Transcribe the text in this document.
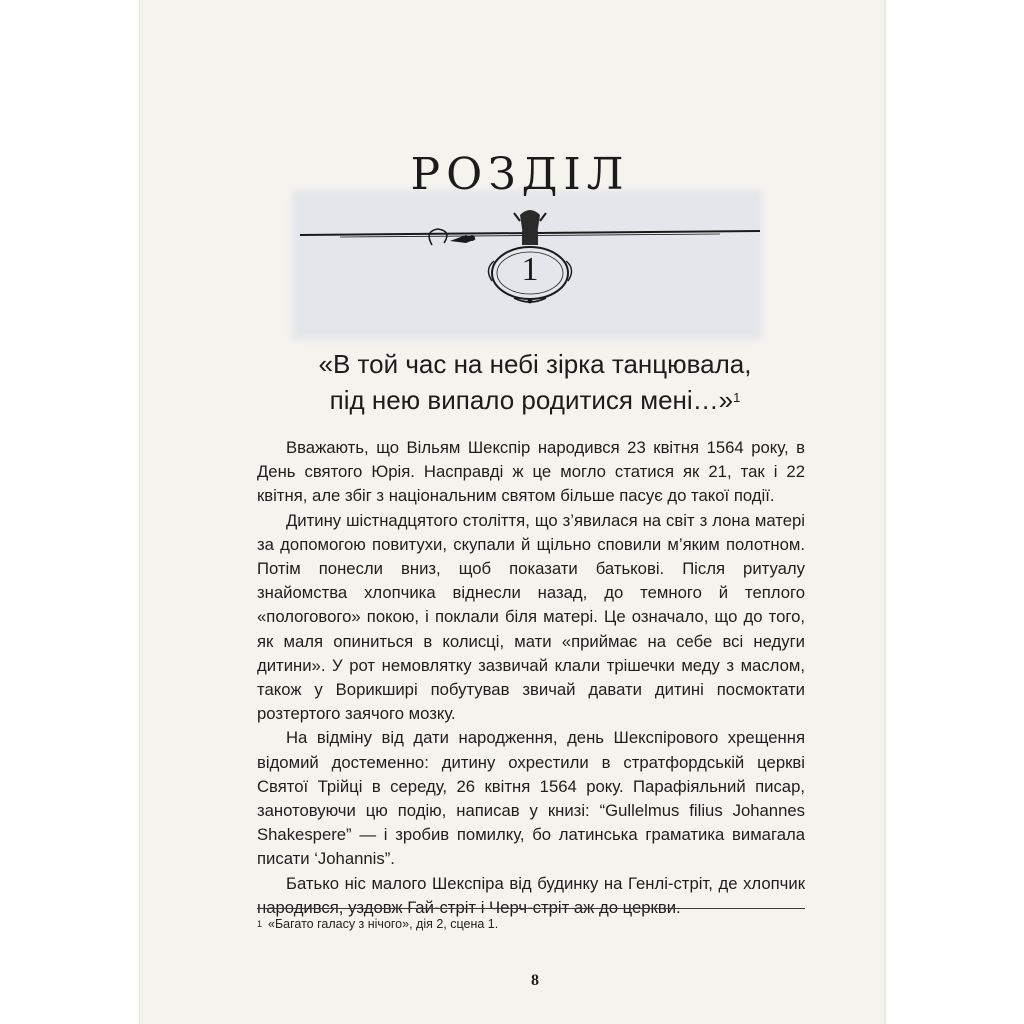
РОЗДІЛ
1
«В той час на небі зірка танцювала,
під нею випало родитися мені…»$^1$

Вважають, що Вільям Шекспір народився 23 квітня 1564 року, в День святого Юрія. Насправді ж це могло статися як 21, так і 22 квітня, але збіг з національним святом більше пасує до такої події.

Дитину шістнадцятого століття, що з’явилася на світ з лона матері за допомогою повитухи, скупали й щільно сповили м’яким полотном. Потім понесли вниз, щоб показати батькові. Після ритуалу знайомства хлопчика віднесли назад, до темного й теплого «пологового» покою, і поклали біля матері. Це означало, що до того, як маля опиниться в колисці, мати «приймає на себе всі недуги дитини». У рот немовлятку зазвичай клали трішечки меду з маслом, також у Ворикширі побутував звичай давати дитині посмоктати розтертого заячого мозку.

На відміну від дати народження, день Шекспірового хрещення відомий достеменно: дитину охрестили в стратфордській церкві Святої Трійці в середу, 26 квітня 1564 року. Парафіяльний писар, занотовуючи цю подію, написав у книзі: “Gullelmus filius Johannes Shakespere” — і зробив помилку, бо латинська граматика вимагала писати ‘Johannis”.

Батько ніс малого Шекспіра від будинку на Генлі-стріт, де хлопчик народився, уздовж Гай-стріт і Черч-стріт аж до церкви.

$^1$ «Багато галасу з нічого», дія 2, сцена 1.
8
